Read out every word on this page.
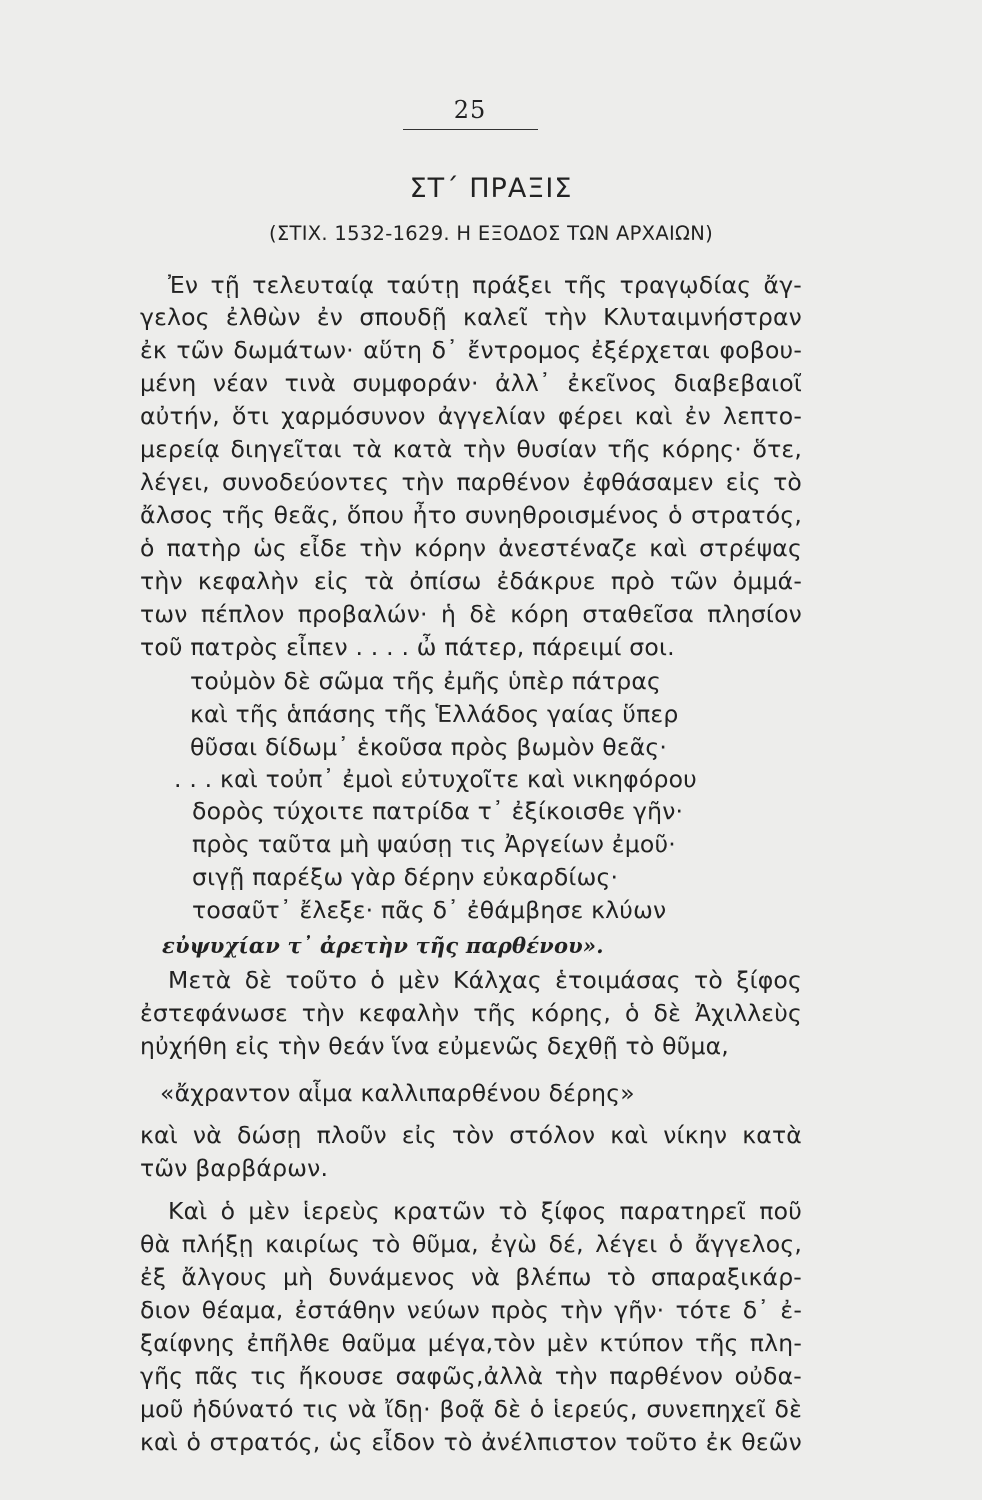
25
ΣΤ΄ ΠΡΑΞΙΣ
(ΣΤΙΧ. 1532-1629. Η ΕΞΟΔΟΣ ΤΩΝ ΑΡΧΑΙΩΝ)
Ἐν τῇ τελευταίᾳ ταύτῃ πράξει τῆς τραγῳδίας ἄγ-
γελος ἐλθὼν ἐν σπουδῇ καλεῖ τὴν Κλυταιμνήστραν
ἐκ τῶν δωμάτων· αὕτη δ᾿ ἔντρομος ἐξέρχεται φοβου-
μένη νέαν τινὰ συμφοράν· ἀλλ᾿ ἐκεῖνος διαβεβαιοῖ
αὐτήν, ὅτι χαρμόσυνον ἀγγελίαν φέρει καὶ ἐν λεπτο-
μερείᾳ διηγεῖται τὰ κατὰ τὴν θυσίαν τῆς κόρης· ὅτε,
λέγει, συνοδεύοντες τὴν παρθένον ἐφθάσαμεν εἰς τὸ
ἄλσος τῆς θεᾶς, ὅπου ἦτο συνηθροισμένος ὁ στρατός,
ὁ πατὴρ ὡς εἶδε τὴν κόρην ἀνεστέναζε καὶ στρέψας
τὴν κεφαλὴν εἰς τὰ ὀπίσω ἐδάκρυε πρὸ τῶν ὀμμά-
των πέπλον προβαλών· ἡ δὲ κόρη σταθεῖσα πλησίον
τοῦ πατρὸς εἶπεν . . . . ὦ πάτερ, πάρειμί σοι.
τοὐμὸν δὲ σῶμα τῆς ἐμῆς ὑπὲρ πάτρας
καὶ τῆς ἁπάσης τῆς Ἑλλάδος γαίας ὕπερ
θῦσαι δίδωμ᾿ ἑκοῦσα πρὸς βωμὸν θεᾶς·
. . . καὶ τοὐπ᾿ ἐμοὶ εὐτυχοῖτε καὶ νικηφόρου
δορὸς τύχοιτε πατρίδα τ᾿ ἐξίκοισθε γῆν·
πρὸς ταῦτα μὴ ψαύσῃ τις Ἀργείων ἐμοῦ·
σιγῇ παρέξω γὰρ δέρην εὐκαρδίως·
τοσαῦτ᾿ ἔλεξε· πᾶς δ᾿ ἐθάμβησε κλύων
εὐψυχίαν τ᾿ ἀρετὴν τῆς παρθένου».
Μετὰ δὲ τοῦτο ὁ μὲν Κάλχας ἑτοιμάσας τὸ ξίφος
ἐστεφάνωσε τὴν κεφαλὴν τῆς κόρης, ὁ δὲ Ἀχιλλεὺς
ηὐχήθη εἰς τὴν θεάν ἵνα εὐμενῶς δεχθῇ τὸ θῦμα,
«ἄχραντον αἷμα καλλιπαρθένου δέρης»
καὶ νὰ δώσῃ πλοῦν εἰς τὸν στόλον καὶ νίκην κατὰ
τῶν βαρβάρων.
Καὶ ὁ μὲν ἱερεὺς κρατῶν τὸ ξίφος παρατηρεῖ ποῦ
θὰ πλήξῃ καιρίως τὸ θῦμα, ἐγὼ δέ, λέγει ὁ ἄγγελος,
ἐξ ἄλγους μὴ δυνάμενος νὰ βλέπω τὸ σπαραξικάρ-
διον θέαμα, ἐστάθην νεύων πρὸς τὴν γῆν· τότε δ᾿ ἐ-
ξαίφνης ἐπῆλθε θαῦμα μέγα,τὸν μὲν κτύπον τῆς πλη-
γῆς πᾶς τις ἤκουσε σαφῶς,ἀλλὰ τὴν παρθένον οὐδα-
μοῦ ἠδύνατό τις νὰ ἴδῃ· βοᾷ δὲ ὁ ἱερεύς, συνεπηχεῖ δὲ
καὶ ὁ στρατός, ὡς εἶδον τὸ ἀνέλπιστον τοῦτο ἐκ θεῶν
